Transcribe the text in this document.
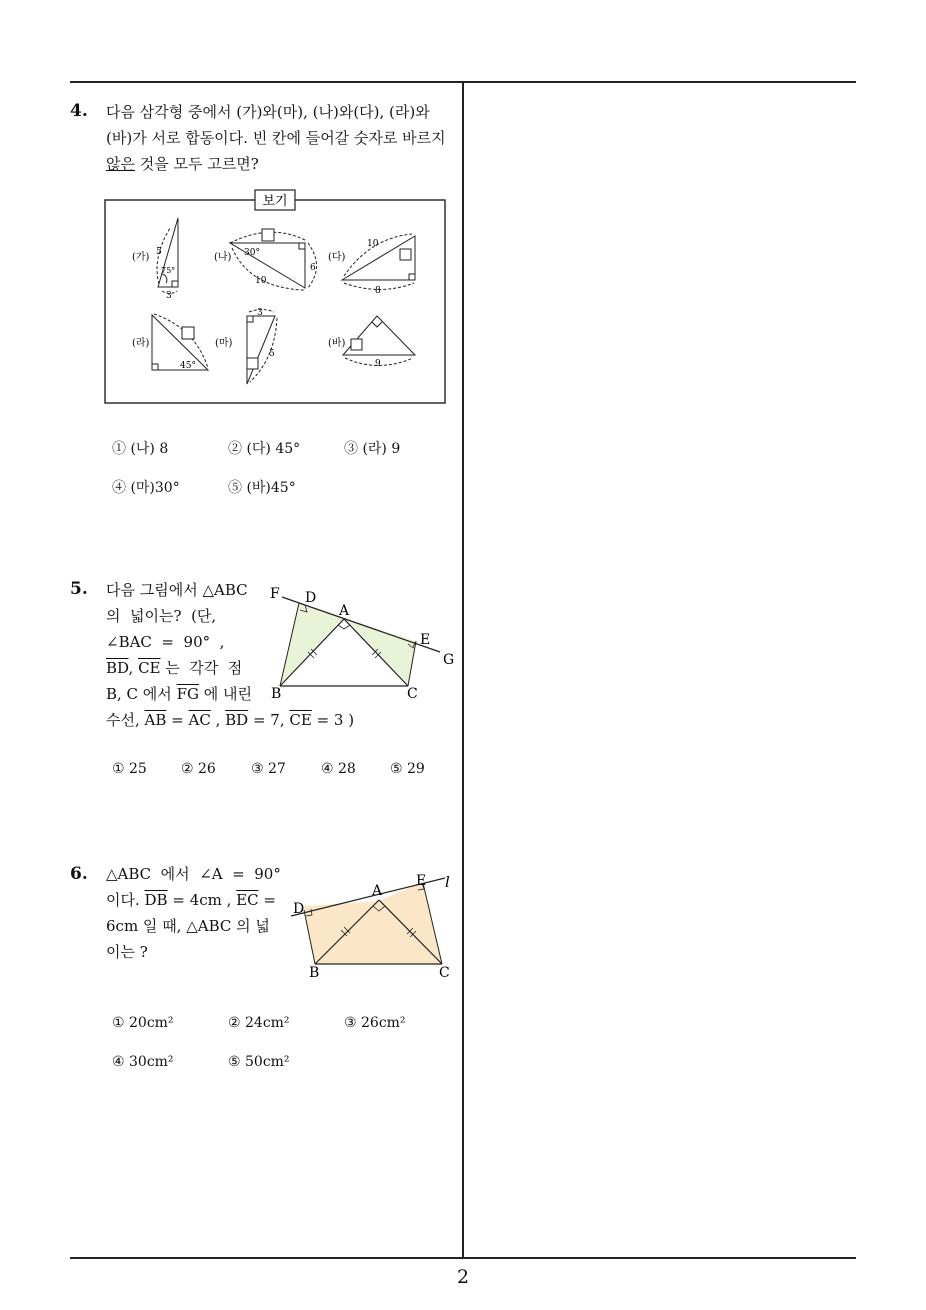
4. 다음 삼각형 중에서 (가)와(마), (나)와(다), (라)와
(바)가 서로 합동이다. 빈 칸에 들어갈 숫자로 바르지
않은 것을 모두 고르면?
보기
(가) 5
75°
3
(나) 30°
10
6
(다)
10
8
(라)
45°
(마)
3
5
(바)
9
① (나) 8	② (다) 45°	③ (라) 9
④ (마)30°	⑤ (바)45°
5. 다음 그림에서 △ABC
의  넓이는?  (단,
∠BAC  =  90°  ,
$\overline{BD}$, $\overline{CE}$ 는  각각  점
B, C 에서 $\overline{FG}$ 에 내린
수선, $\overline{AB} = \overline{AC}$ , $\overline{BD} = 7$, $\overline{CE} = 3$ )
F D
A
E
G
B	C
① 25 ② 26	③ 27	④ 28 ⑤ 29
6. △ABC  에서  ∠A  =  90°
이다. $\overline{DB} = 4cm$ , $\overline{EC}$ =
6cm 일 때, △ABC 의 넓
이는 ?
A
D
E l
B	C
① 20cm²	② 24cm²	③ 26cm²
④ 30cm²	⑤ 50cm²
2
